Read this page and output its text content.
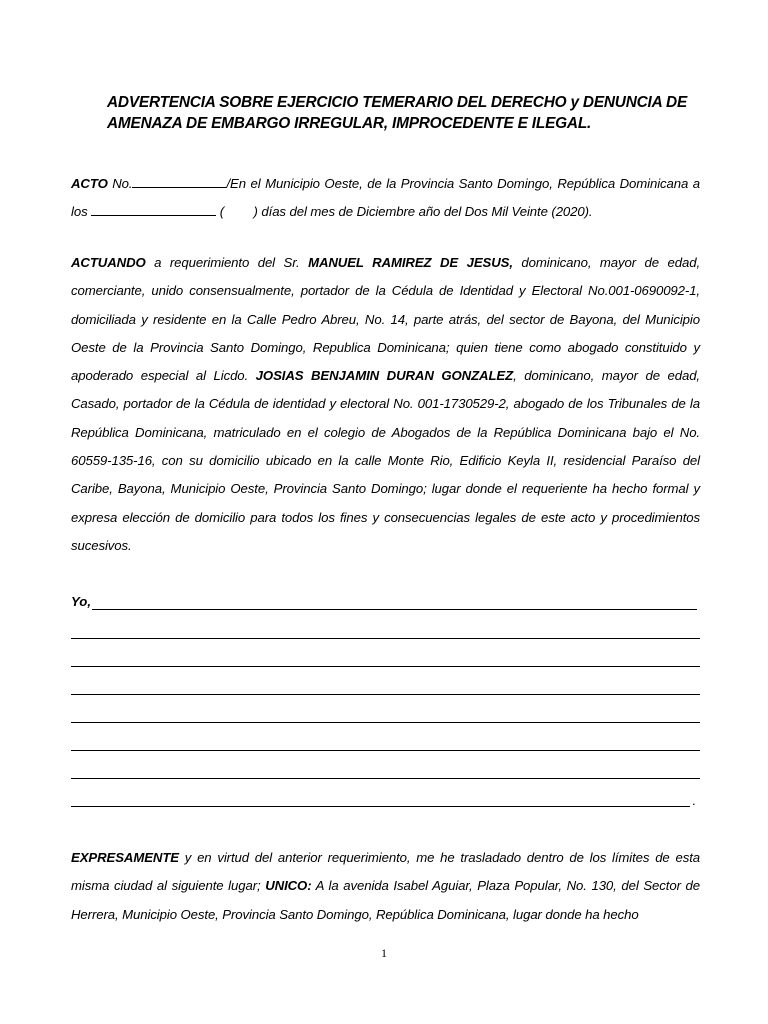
ADVERTENCIA SOBRE EJERCICIO TEMERARIO DEL DERECHO y DENUNCIA DE AMENAZA DE EMBARGO IRREGULAR, IMPROCEDENTE E ILEGAL.
ACTO No.	/En el Municipio Oeste, de la Provincia Santo Domingo, República Dominicana a los	( ) días del mes de Diciembre año del Dos Mil Veinte (2020).
ACTUANDO a requerimiento del Sr. MANUEL RAMIREZ DE JESUS, dominicano, mayor de edad, comerciante, unido consensualmente, portador de la Cédula de Identidad y Electoral No.001-0690092-1, domiciliada y residente en la Calle Pedro Abreu, No. 14, parte atrás, del sector de Bayona, del Municipio Oeste de la Provincia Santo Domingo, Republica Dominicana; quien tiene como abogado constituido y apoderado especial al Licdo. JOSIAS BENJAMIN DURAN GONZALEZ, dominicano, mayor de edad, Casado, portador de la Cédula de identidad y electoral No. 001-1730529-2, abogado de los Tribunales de la República Dominicana, matriculado en el colegio de Abogados de la República Dominicana bajo el No. 60559-135-16, con su domicilio ubicado en la calle Monte Rio, Edificio Keyla II, residencial Paraíso del Caribe, Bayona, Municipio Oeste, Provincia Santo Domingo; lugar donde el requeriente ha hecho formal y expresa elección de domicilio para todos los fines y consecuencias legales de este acto y procedimientos sucesivos.
Yo,
.
EXPRESAMENTE y en virtud del anterior requerimiento, me he trasladado dentro de los límites de esta misma ciudad al siguiente lugar; UNICO: A la avenida Isabel Aguiar, Plaza Popular, No. 130, del Sector de Herrera, Municipio Oeste, Provincia Santo Domingo, República Dominicana, lugar donde ha hecho
1
